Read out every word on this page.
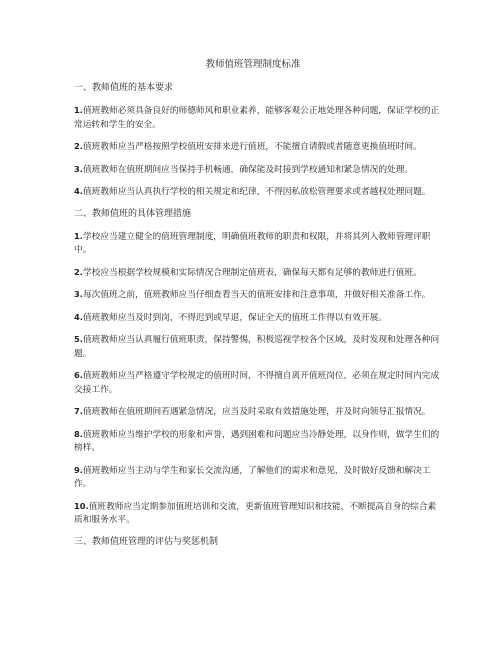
教师值班管理制度标准
一、教师值班的基本要求
1.值班教师必须具备良好的师德师风和职业素养，能够客观公正地处理各种问题，保证学校的正常运转和学生的安全。
2.值班教师应当严格按照学校值班安排来进行值班，不能擅自请假或者随意更换值班时间。
3.值班教师在值班期间应当保持手机畅通，确保能及时接到学校通知和紧急情况的处理。
4.值班教师应当认真执行学校的相关规定和纪律，不得因私放松管理要求或者越权处理问题。
二、教师值班的具体管理措施
1.学校应当建立健全的值班管理制度，明确值班教师的职责和权限，并将其列入教师管理评职中。
2.学校应当根据学校规模和实际情况合理制定值班表，确保每天都有足够的教师进行值班。
3.每次值班之前，值班教师应当仔细查看当天的值班安排和注意事项，并做好相关准备工作。
4.值班教师应当及时到岗，不得迟到或早退，保证全天的值班工作得以有效开展。
5.值班教师应当认真履行值班职责，保持警惕，积极巡视学校各个区域，及时发现和处理各种问题。
6.值班教师应当严格遵守学校规定的值班时间，不得擅自离开值班岗位，必须在规定时间内完成交接工作。
7.值班教师在值班期间若遇紧急情况，应当及时采取有效措施处理，并及时向领导汇报情况。
8.值班教师应当维护学校的形象和声誉，遇到困难和问题应当冷静处理，以身作则，做学生们的榜样。
9.值班教师应当主动与学生和家长交流沟通，了解他们的需求和意见，及时做好反馈和解决工作。
10.值班教师应当定期参加值班培训和交流，更新值班管理知识和技能，不断提高自身的综合素质和服务水平。
三、教师值班管理的评估与奖惩机制
